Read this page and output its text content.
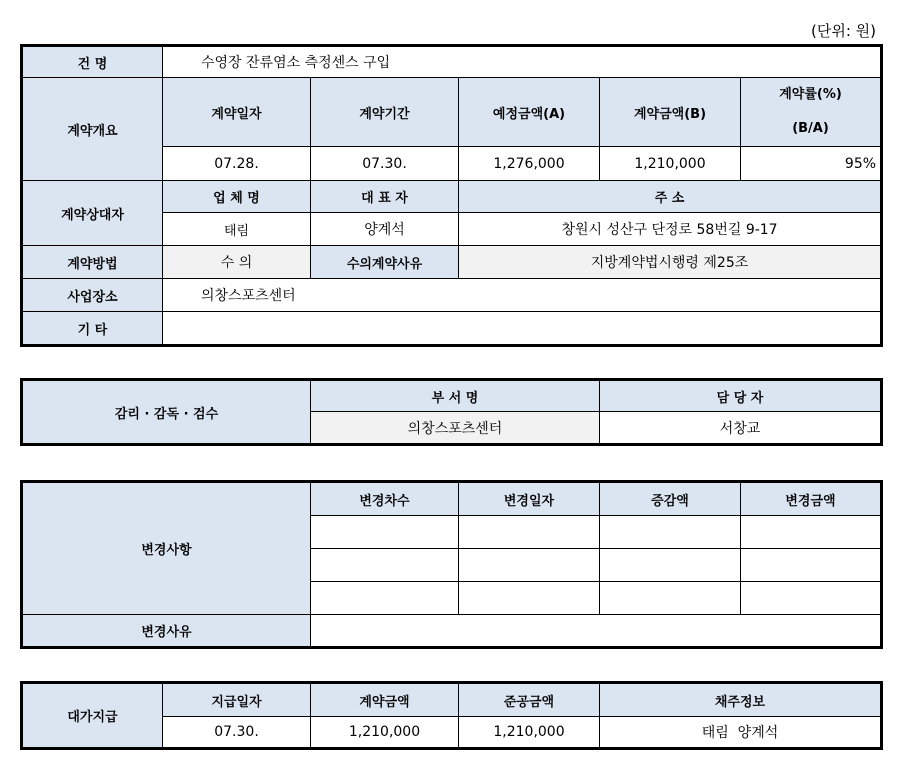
(단위: 원)
건 명	수영장 잔류염소 측정센스 구입				
계약개요	계약일자	계약기간	예정금액(A)	계약금액(B)	계약률(%)
(B/A)

	07.28.	07.30.	1,276,000	1,210,000	95%
계약상대자	업 체 명	대 표 자	주 소		
	태림	양계석	창원시 성산구 단정로 58번길 9-17		
계약방법	수 의	수의계약사유	지방계약법시행령 제25조		
사업장소	의창스포츠센터				
기 타					
감리 · 감독 · 검수	부 서 명	담 당 자
	의창스포츠센터	서창교
변경사항	변경차수	변경일자	증감액	변경금액

변경사유				
대가지급	지급일자	계약금액	준공금액	채주정보
	07.30.	1,210,000	1,210,000	태림  양계석
